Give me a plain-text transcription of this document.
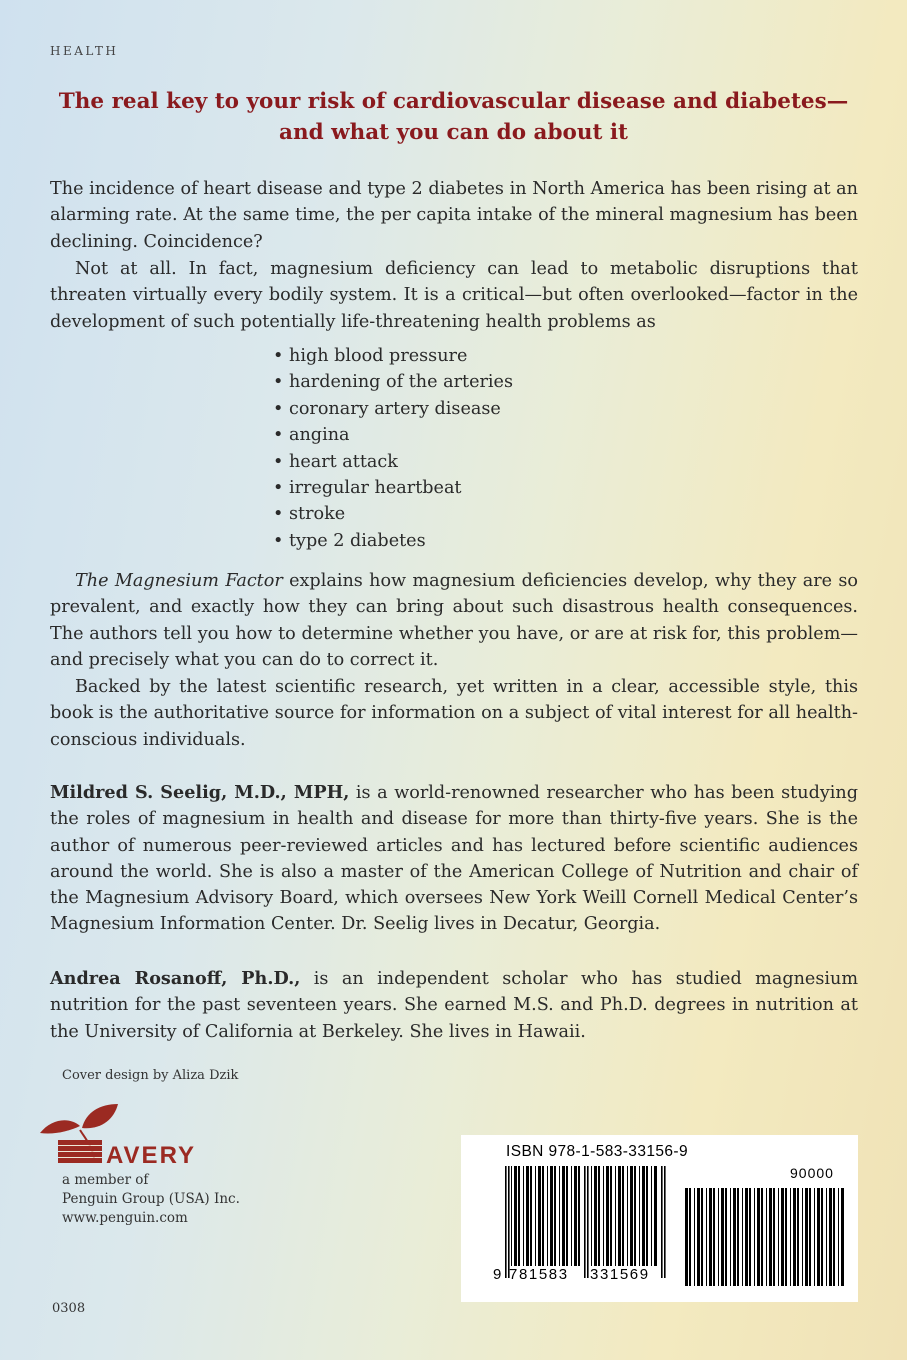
HEALTH
The real key to your risk of cardiovascular disease and diabetes—
and what you can do about it

The incidence of heart disease and type 2 diabetes in North America has been rising at an alarming rate. At the same time, the per capita intake of the mineral magnesium has been declining. Coincidence?

Not at all. In fact, magnesium deficiency can lead to metabolic disruptions that threaten virtually every bodily system. It is a critical—but often overlooked—factor in the development of such potentially life-threatening health problems as

• high blood pressure
• hardening of the arteries
• coronary artery disease
• angina
• heart attack
• irregular heartbeat
• stroke
• type 2 diabetes

The Magnesium Factor explains how magnesium deficiencies develop, why they are so prevalent, and exactly how they can bring about such disastrous health consequences. The authors tell you how to determine whether you have, or are at risk for, this problem—and precisely what you can do to correct it.

Backed by the latest scientific research, yet written in a clear, accessible style, this book is the authoritative source for information on a subject of vital interest for all health-conscious individuals.

Mildred S. Seelig, M.D., MPH, is a world-renowned researcher who has been studying the roles of magnesium in health and disease for more than thirty-five years. She is the author of numerous peer-reviewed articles and has lectured before scientific audiences around the world. She is also a master of the American College of Nutrition and chair of the Magnesium Advisory Board, which oversees New York Weill Cornell Medical Center’s Magnesium Information Center. Dr. Seelig lives in Decatur, Georgia.

Andrea Rosanoff, Ph.D., is an independent scholar who has studied magnesium nutrition for the past seventeen years. She earned M.S. and Ph.D. degrees in nutrition at the University of California at Berkeley. She lives in Hawaii.

Cover design by Aliza Dzik
AVERY
a member of
Penguin Group (USA) Inc.
www.penguin.com
0308
ISBN 978-1-583-33156-9
90000
9 781583 331569
